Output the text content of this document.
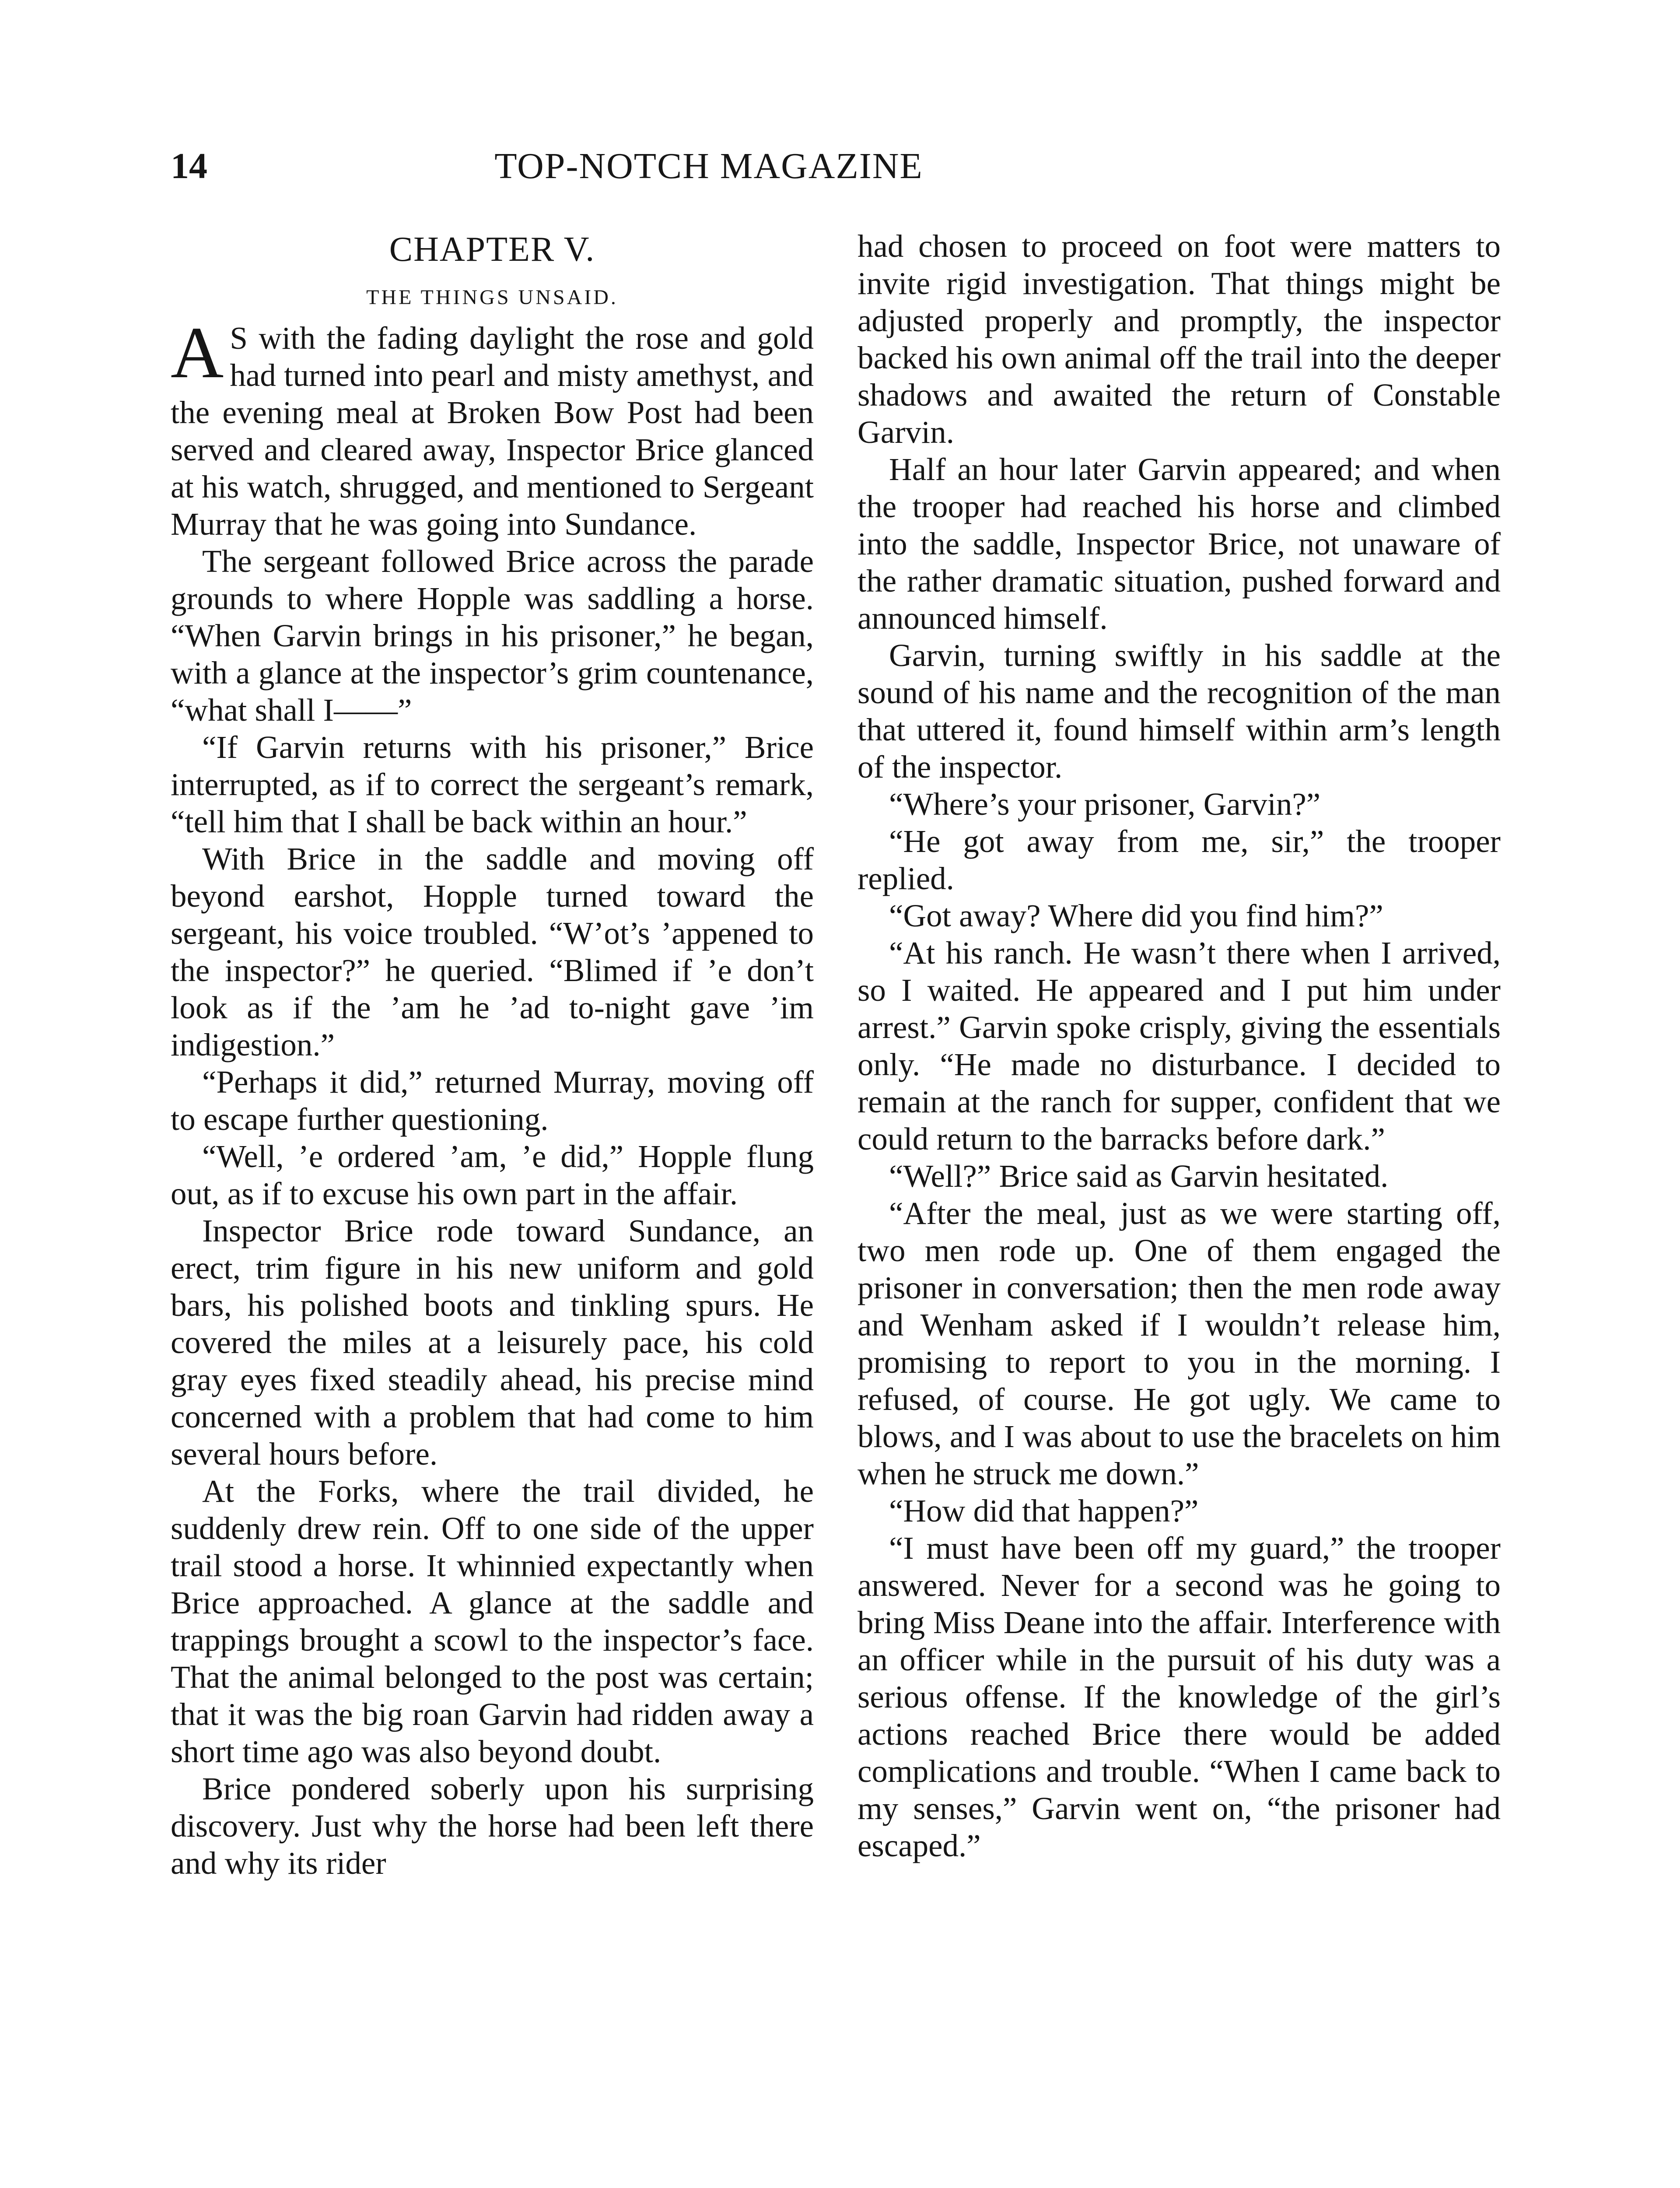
14	TOP-NOTCH MAGAZINE
CHAPTER V.
THE THINGS UNSAID.

A S with the fading daylight the rose and gold had turned into pearl and misty amethyst, and the evening meal at Broken Bow Post had been served and cleared away, Inspector Brice glanced at his watch, shrugged, and mentioned to Sergeant Murray that he was going into Sundance.

The sergeant followed Brice across the parade grounds to where Hopple was saddling a horse. “When Garvin brings in his prisoner,” he began, with a glance at the inspector’s grim countenance, “what shall I——”

“If Garvin returns with his prisoner,” Brice interrupted, as if to correct the sergeant’s remark, “tell him that I shall be back within an hour.”

With Brice in the saddle and moving off beyond earshot, Hopple turned toward the sergeant, his voice troubled. “W’ot’s ’appened to the inspector?” he queried. “Blimed if ’e don’t look as if the ’am he ’ad to-night gave ’im indigestion.”

“Perhaps it did,” returned Murray, moving off to escape further questioning.

“Well, ’e ordered ’am, ’e did,” Hopple flung out, as if to excuse his own part in the affair.

Inspector Brice rode toward Sundance, an erect, trim figure in his new uniform and gold bars, his polished boots and tinkling spurs. He covered the miles at a leisurely pace, his cold gray eyes fixed steadily ahead, his precise mind concerned with a problem that had come to him several hours before.

At the Forks, where the trail divided, he suddenly drew rein. Off to one side of the upper trail stood a horse. It whinnied expectantly when Brice approached. A glance at the saddle and trappings brought a scowl to the inspector’s face. That the animal belonged to the post was certain; that it was the big roan Garvin had ridden away a short time ago was also beyond doubt.

Brice pondered soberly upon his surprising discovery. Just why the horse had been left there and why its rider

had chosen to proceed on foot were matters to invite rigid investigation. That things might be adjusted properly and promptly, the inspector backed his own animal off the trail into the deeper shadows and awaited the return of Constable Garvin.

Half an hour later Garvin appeared; and when the trooper had reached his horse and climbed into the saddle, Inspector Brice, not unaware of the rather dramatic situation, pushed forward and announced himself.

Garvin, turning swiftly in his saddle at the sound of his name and the recognition of the man that uttered it, found himself within arm’s length of the inspector.

“Where’s your prisoner, Garvin?”

“He got away from me, sir,” the trooper replied.

“Got away? Where did you find him?”

“At his ranch. He wasn’t there when I arrived, so I waited. He appeared and I put him under arrest.” Garvin spoke crisply, giving the essentials only. “He made no disturbance. I decided to remain at the ranch for supper, confident that we could return to the barracks before dark.”

“Well?” Brice said as Garvin hesitated.

“After the meal, just as we were starting off, two men rode up. One of them engaged the prisoner in conversation; then the men rode away and Wenham asked if I wouldn’t release him, promising to report to you in the morning. I refused, of course. He got ugly. We came to blows, and I was about to use the bracelets on him when he struck me down.”

“How did that happen?”

“I must have been off my guard,” the trooper answered. Never for a second was he going to bring Miss Deane into the affair. Interference with an officer while in the pursuit of his duty was a serious offense. If the knowledge of the girl’s actions reached Brice there would be added complications and trouble. “When I came back to my senses,” Garvin went on, “the prisoner had escaped.”
